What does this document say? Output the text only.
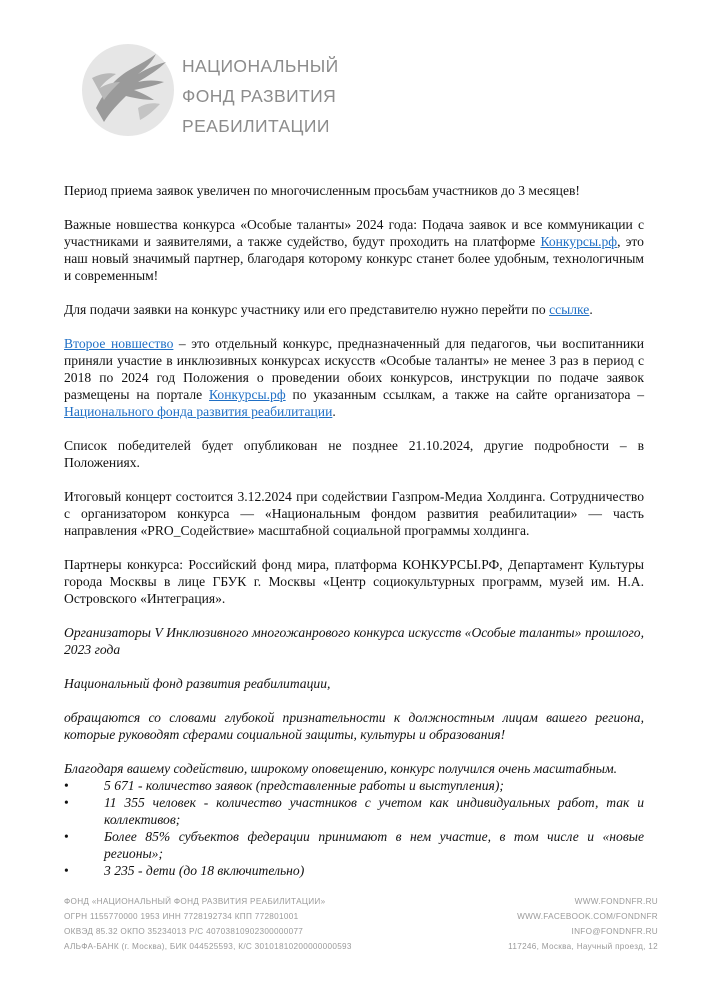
НАЦИОНАЛЬНЫЙ
ФОНД РАЗВИТИЯ
РЕАБИЛИТАЦИИ

Период приема заявок увеличен по многочисленным просьбам участников до 3 месяцев!

Важные новшества конкурса «Особые таланты» 2024 года: Подача заявок и все коммуникации с участниками и заявителями, а также судейство, будут проходить на платформе Конкурсы.рф, это наш новый значимый партнер, благодаря которому конкурс станет более удобным, технологичным и современным!

Для подачи заявки на конкурс участнику или его представителю нужно перейти по ссылке.

Второе новшество – это отдельный конкурс, предназначенный для педагогов, чьи воспитанники приняли участие в инклюзивных конкурсах искусств «Особые таланты» не менее 3 раз в период с 2018 по 2024 год Положения о проведении обоих конкурсов, инструкции по подаче заявок размещены на портале Конкурсы.рф по указанным ссылкам, а также на сайте организатора – Национального фонда развития реабилитации.

Список победителей будет опубликован не позднее 21.10.2024, другие подробности – в Положениях.

Итоговый концерт состоится 3.12.2024 при содействии Газпром-Медиа Холдинга. Сотрудничество с организатором конкурса — «Национальным фондом развития реабилитации» — часть направления «PRO_Содействие» масштабной социальной программы холдинга.

Партнеры конкурса: Российский фонд мира, платформа КОНКУРСЫ.РФ, Департамент Культуры города Москвы в лице ГБУК г. Москвы «Центр социокультурных программ, музей им. Н.А. Островского «Интеграция».

Организаторы V Инклюзивного многожанрового конкурса искусств «Особые таланты» прошлого, 2023 года

Национальный фонд развития реабилитации,

обращаются со словами глубокой признательности к должностным лицам вашего региона, которые руководят сферами социальной защиты, культуры и образования!

Благодаря вашему содействию, широкому оповещению, конкурс получился очень масштабным.

•	5 671 - количество заявок (представленные работы и выступления);
•	11 355 человек - количество участников с учетом как индивидуальных работ, так и коллективов;
•	Более 85% субъектов федерации принимают в нем участие, в том числе и «новые регионы»;
•	3 235 - дети (до 18 включительно)
ФОНД «НАЦИОНАЛЬНЫЙ ФОНД РАЗВИТИЯ РЕАБИЛИТАЦИИ»
ОГРН 1155770000 1953 ИНН 7728192734 КПП 772801001
ОКВЭД 85.32 ОКПО 35234013 Р/С 40703810902300000077
АЛЬФА-БАНК (г. Москва), БИК 044525593, К/С 30101810200000000593
WWW.FONDNFR.RU
WWW.FACEBOOK.COM/FONDNFR
INFO@FONDNFR.RU
117246, Москва, Научный проезд, 12
